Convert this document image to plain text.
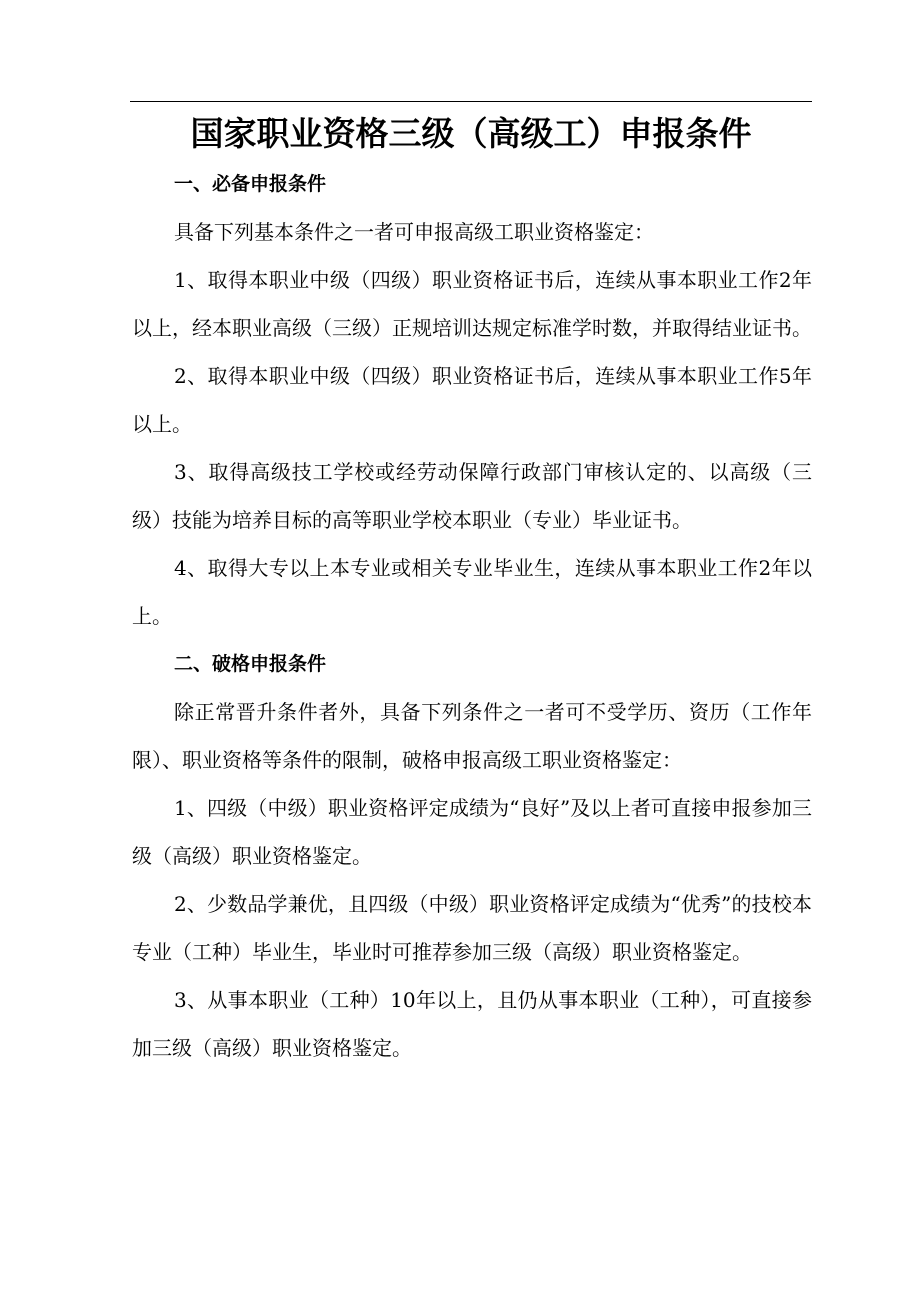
国家职业资格三级（高级工）申报条件

一、必备申报条件

具备下列基本条件之一者可申报高级工职业资格鉴定：

1、取得本职业中级（四级）职业资格证书后，连续从事本职业工作2年以上，经本职业高级（三级）正规培训达规定标准学时数，并取得结业证书。

2、取得本职业中级（四级）职业资格证书后，连续从事本职业工作5年以上。

3、取得高级技工学校或经劳动保障行政部门审核认定的、以高级（三级）技能为培养目标的高等职业学校本职业（专业）毕业证书。

4、取得大专以上本专业或相关专业毕业生，连续从事本职业工作2年以上。

二、破格申报条件

除正常晋升条件者外，具备下列条件之一者可不受学历、资历（工作年限）、职业资格等条件的限制，破格申报高级工职业资格鉴定：

1、四级（中级）职业资格评定成绩为“良好”及以上者可直接申报参加三级（高级）职业资格鉴定。

2、少数品学兼优，且四级（中级）职业资格评定成绩为“优秀”的技校本专业（工种）毕业生，毕业时可推荐参加三级（高级）职业资格鉴定。

3、从事本职业（工种）10年以上，且仍从事本职业（工种），可直接参加三级（高级）职业资格鉴定。
